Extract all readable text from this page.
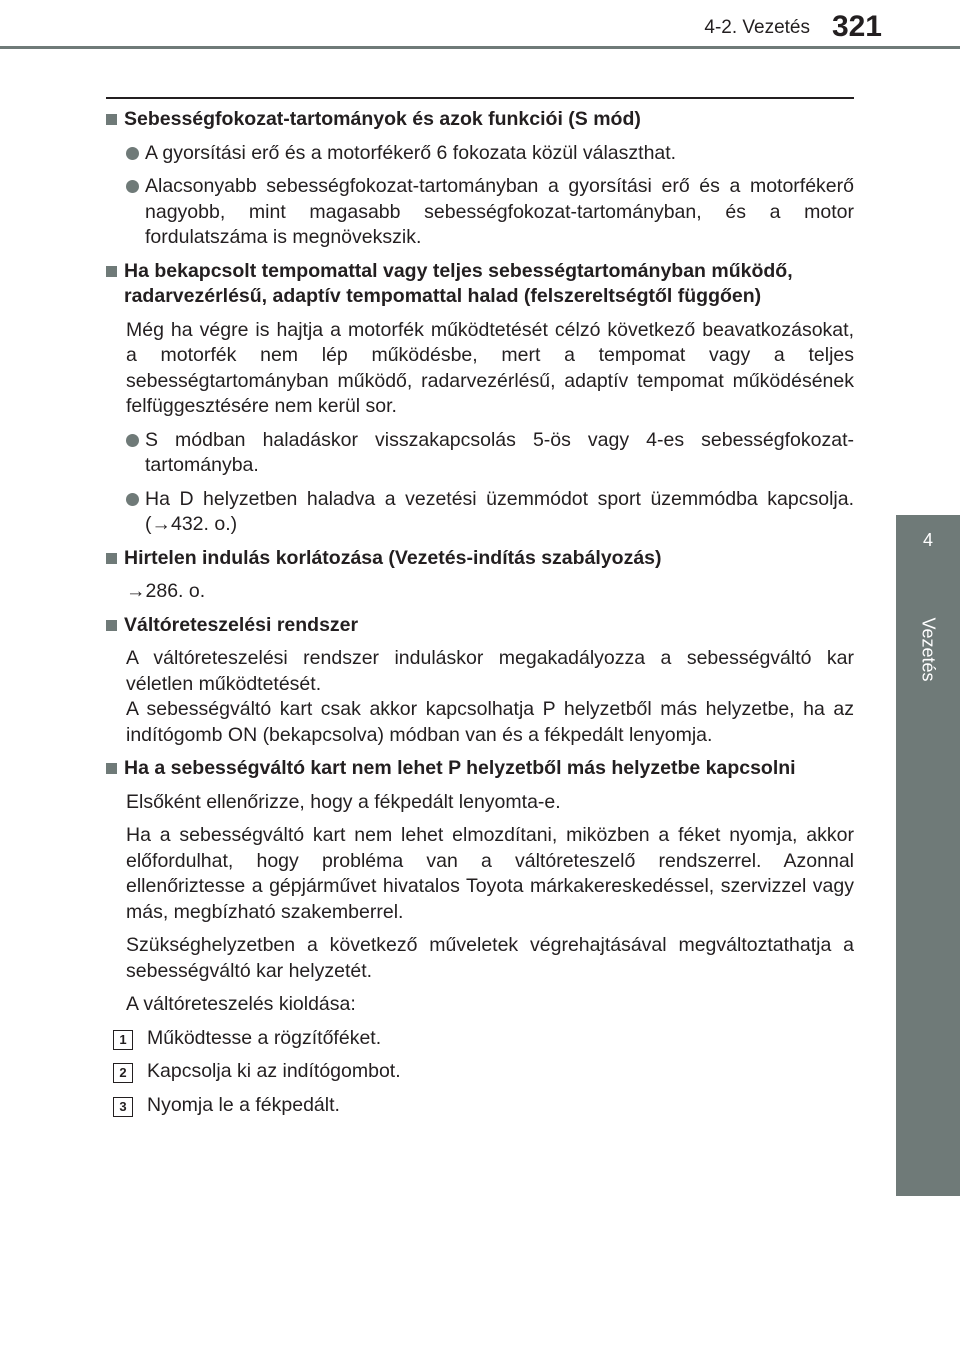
4-2. Vezetés 321
4
Vezetés
Sebességfokozat-tartományok és azok funkciói (S mód)
A gyorsítási erő és a motorfékerő 6 fokozata közül választhat.
Alacsonyabb sebességfokozat-tartományban a gyorsítási erő és a motorfékerő nagyobb, mint magasabb sebességfokozat-tartományban, és a motor fordulatszáma is megnövekszik.
Ha bekapcsolt tempomattal vagy teljes sebességtartományban működő, radarvezérlésű, adaptív tempomattal halad (felszereltségtől függően)
Még ha végre is hajtja a motorfék működtetését célzó következő beavatkozásokat, a motorfék nem lép működésbe, mert a tempomat vagy a teljes sebességtartományban működő, radarvezérlésű, adaptív tempomat működésének felfüggesztésére nem kerül sor.
S módban haladáskor visszakapcsolás 5-ös vagy 4-es sebességfokozat-tartományba.
Ha D helyzetben haladva a vezetési üzemmódot sport üzemmódba kapcsolja. (→432. o.)
Hirtelen indulás korlátozása (Vezetés-indítás szabályozás)
→286. o.
Váltóreteszelési rendszer
A váltóreteszelési rendszer induláskor megakadályozza a sebességváltó kar véletlen működtetését.
A sebességváltó kart csak akkor kapcsolhatja P helyzetből más helyzetbe, ha az indítógomb ON (bekapcsolva) módban van és a fékpedált lenyomja.
Ha a sebességváltó kart nem lehet P helyzetből más helyzetbe kapcsolni
Elsőként ellenőrizze, hogy a fékpedált lenyomta-e.
Ha a sebességváltó kart nem lehet elmozdítani, miközben a féket nyomja, akkor előfordulhat, hogy probléma van a váltóreteszelő rendszerrel. Azonnal ellenőriztesse a gépjárművet hivatalos Toyota márkakereskedéssel, szervizzel vagy más, megbízható szakemberrel.
Szükséghelyzetben a következő műveletek végrehajtásával megváltoztathatja a sebességváltó kar helyzetét.
A váltóreteszelés kioldása:
1	Működtesse a rögzítőféket.
2	Kapcsolja ki az indítógombot.
3	Nyomja le a fékpedált.
